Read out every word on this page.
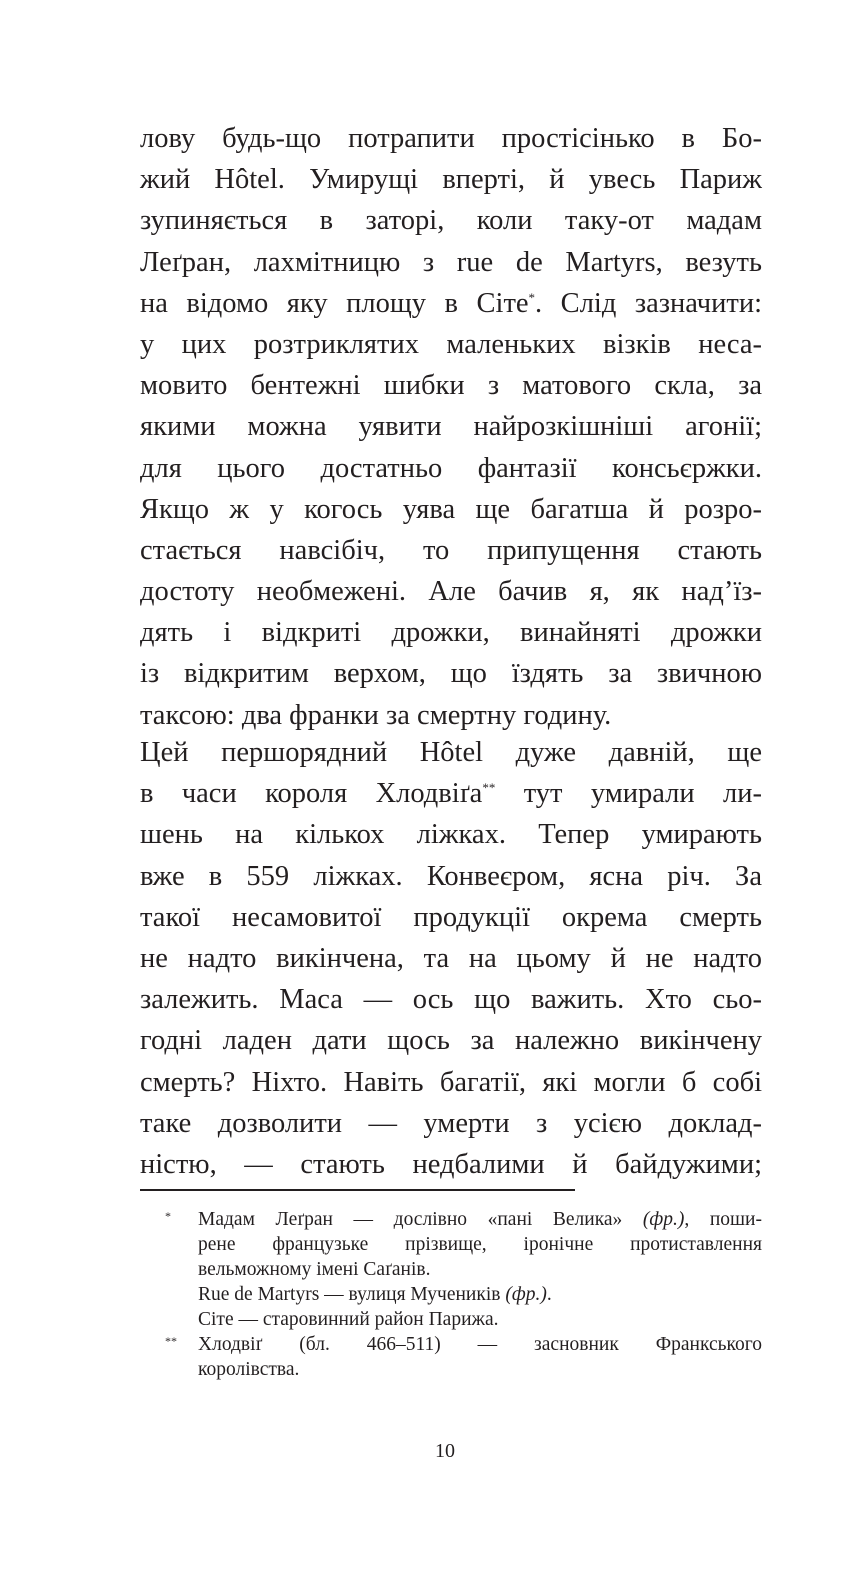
лову будь-що потрапити простісінько в Бо-
жий Hôtel. Умирущі вперті, й увесь Париж
зупиняється в заторі, коли таку-от мадам
Леґран, лахмітницю з rue de Martyrs, везуть
на відомо яку площу в Сіте*. Слід зазначити:
у цих розтриклятих маленьких візків неса-
мовито бентежні шибки з матового скла, за
якими можна уявити найрозкішніші агонії;
для цього достатньо фантазії консьєржки.
Якщо ж у когось уява ще багатша й розро-
стається навсібіч, то припущення стають
достоту необмежені. Але бачив я, як над’їз-
дять і відкриті дрожки, винайняті дрожки
із відкритим верхом, що їздять за звичною
таксою: два франки за смертну годину.
Цей першорядний Hôtel дуже давній, ще
в часи короля Хлодвіґа** тут умирали ли-
шень на кількох ліжках. Тепер умирають
вже в 559 ліжках. Конвеєром, ясна річ. За
такої несамовитої продукції окрема смерть
не надто викінчена, та на цьому й не надто
залежить. Маса — ось що важить. Хто сьо-
годні ладен дати щось за належно викінчену
смерть? Ніхто. Навіть багатії, які могли б собі
таке дозволити — умерти з усією доклад-
ністю, — стають недбалими й байдужими;
*	Мадам Леґран — дослівно «пані Велика» (фр.), поши-
рене французьке прізвище, іронічне протиставлення
вельможному імені Саґанів.
Rue de Martyrs — вулиця Мучеників (фр.).
Сіте — старовинний район Парижа.
**	Хлодвіґ (бл. 466–511) — засновник Франкського
королівства.
10
